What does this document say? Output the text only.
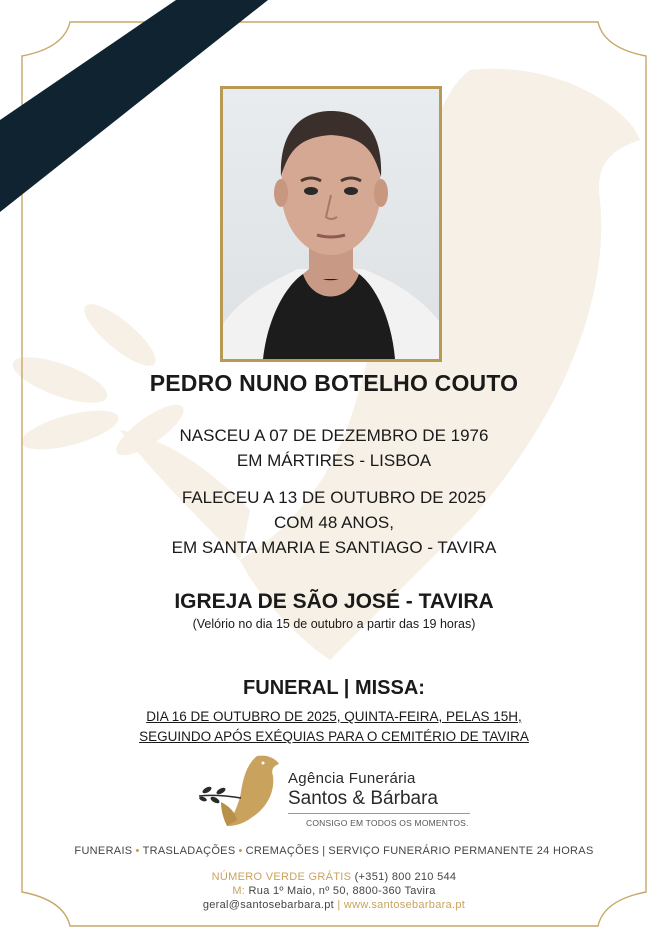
PEDRO NUNO BOTELHO COUTO
NASCEU A 07 DE DEZEMBRO DE 1976
EM MÁRTIRES - LISBOA
FALECEU A 13 DE OUTUBRO DE 2025
COM 48 ANOS,
EM SANTA MARIA E SANTIAGO - TAVIRA
IGREJA DE SÃO JOSÉ - TAVIRA
(Velório no dia 15 de outubro a partir das 19 horas)
FUNERAL | MISSA:
DIA 16 DE OUTUBRO DE 2025, QUINTA-FEIRA, PELAS 15H,
SEGUINDO APÓS EXÉQUIAS PARA O CEMITÉRIO DE TAVIRA
Agência Funerária
Santos & Bárbara
CONSIGO EM TODOS OS MOMENTOS.
FUNERAIS • TRASLADAÇÕES • CREMAÇÕES | SERVIÇO FUNERÁRIO PERMANENTE 24 HORAS
NÚMERO VERDE GRÁTIS (+351) 800 210 544
M: Rua 1º Maio, nº 50, 8800-360 Tavira
geral@santosebarbara.pt | www.santosebarbara.pt
